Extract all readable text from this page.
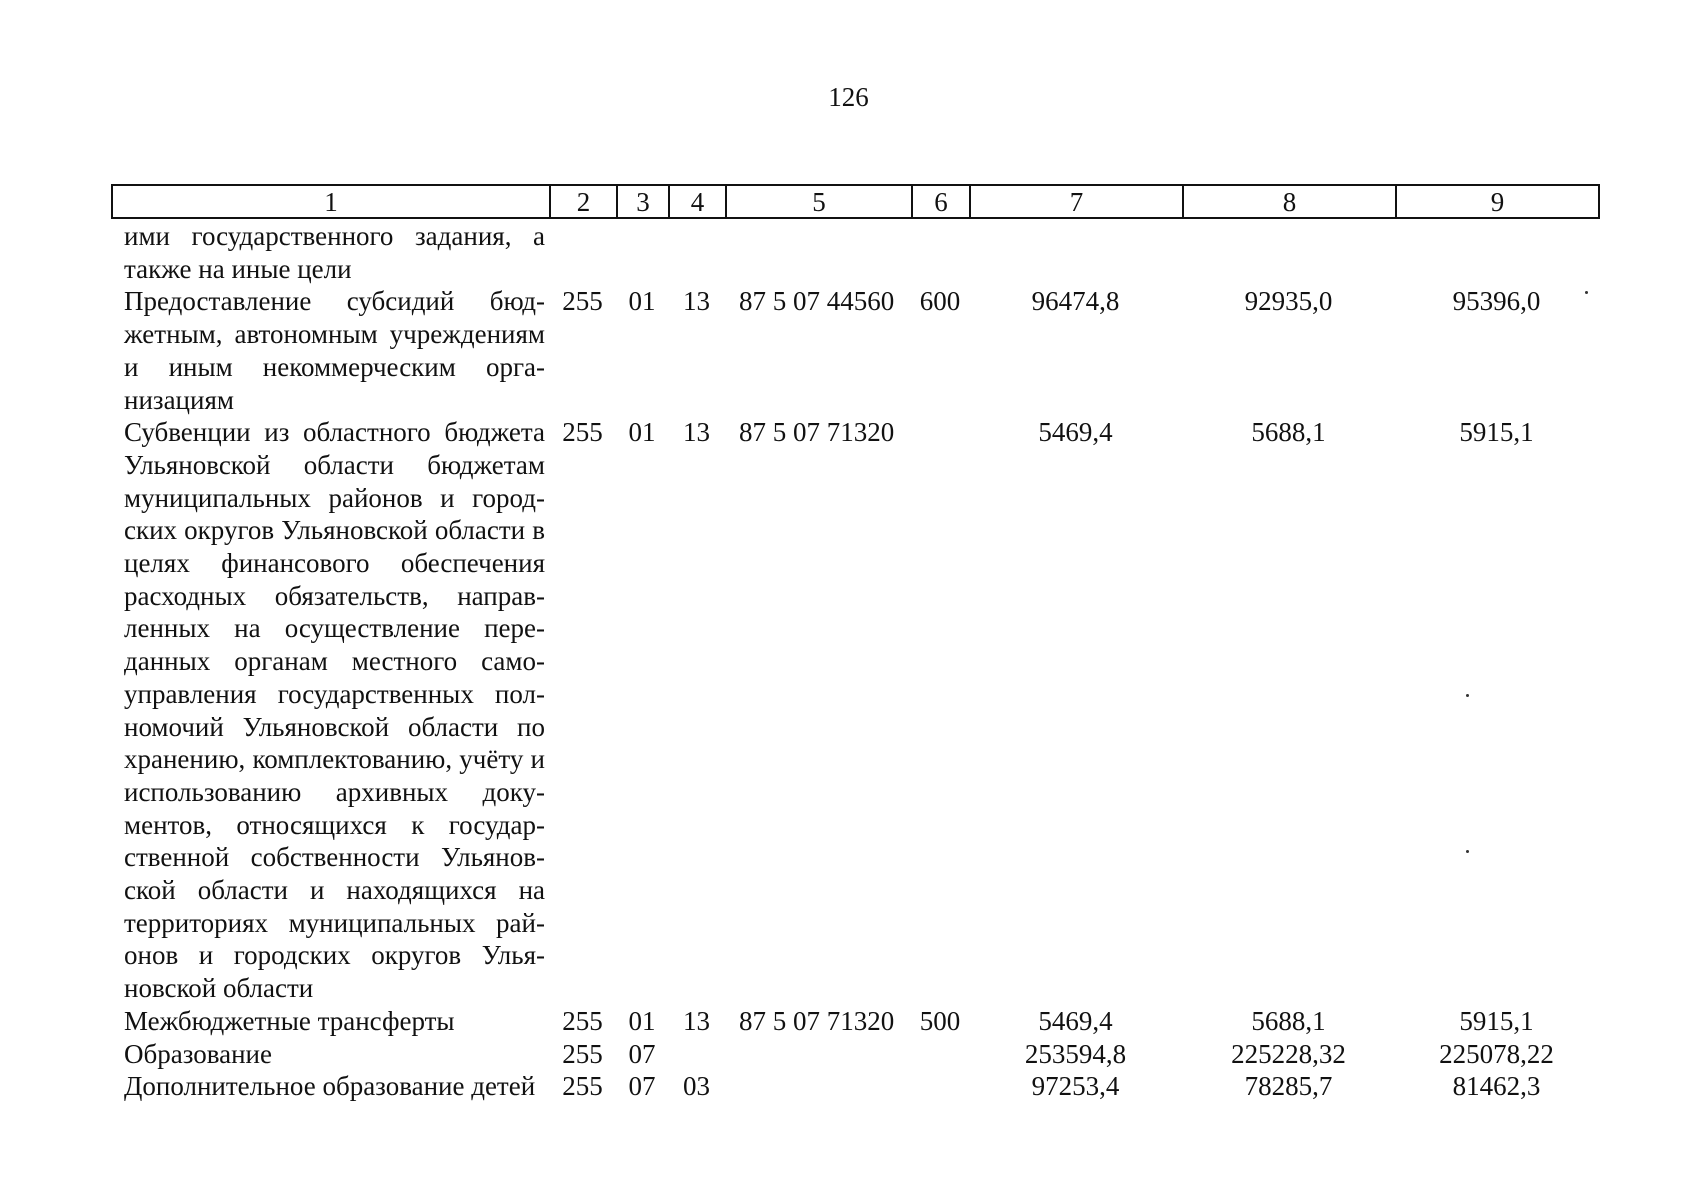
126
1	2	3	4	5	6	7	8	9
ими государственного задания, а также на иные цели								
Предоставление субсидий бюджетным, автономным учреждениям и иным некоммерческим организациям	255	01	13	87 5 07 44560	600	96474,8	92935,0	95396,0
Субвенции из областного бюджета Ульяновской области бюджетам муниципальных районов и городских округов Ульяновской области в целях финансового обеспечения расходных обязательств, направленных на осуществление переданных органам местного самоуправления государственных полномочий Ульяновской области по хранению, комплектованию, учёту и использованию архивных документов, относящихся к государственной собственности Ульяновской области и находящихся на территориях муниципальных районов и городских округов Ульяновской области	255	01	13	87 5 07 71320		5469,4	5688,1	5915,1
Межбюджетные трансферты	255	01	13	87 5 07 71320	500	5469,4	5688,1	5915,1
Образование	255	07				253594,8	225228,32	225078,22
Дополнительное образование детей	255	07	03			97253,4	78285,7	81462,3
